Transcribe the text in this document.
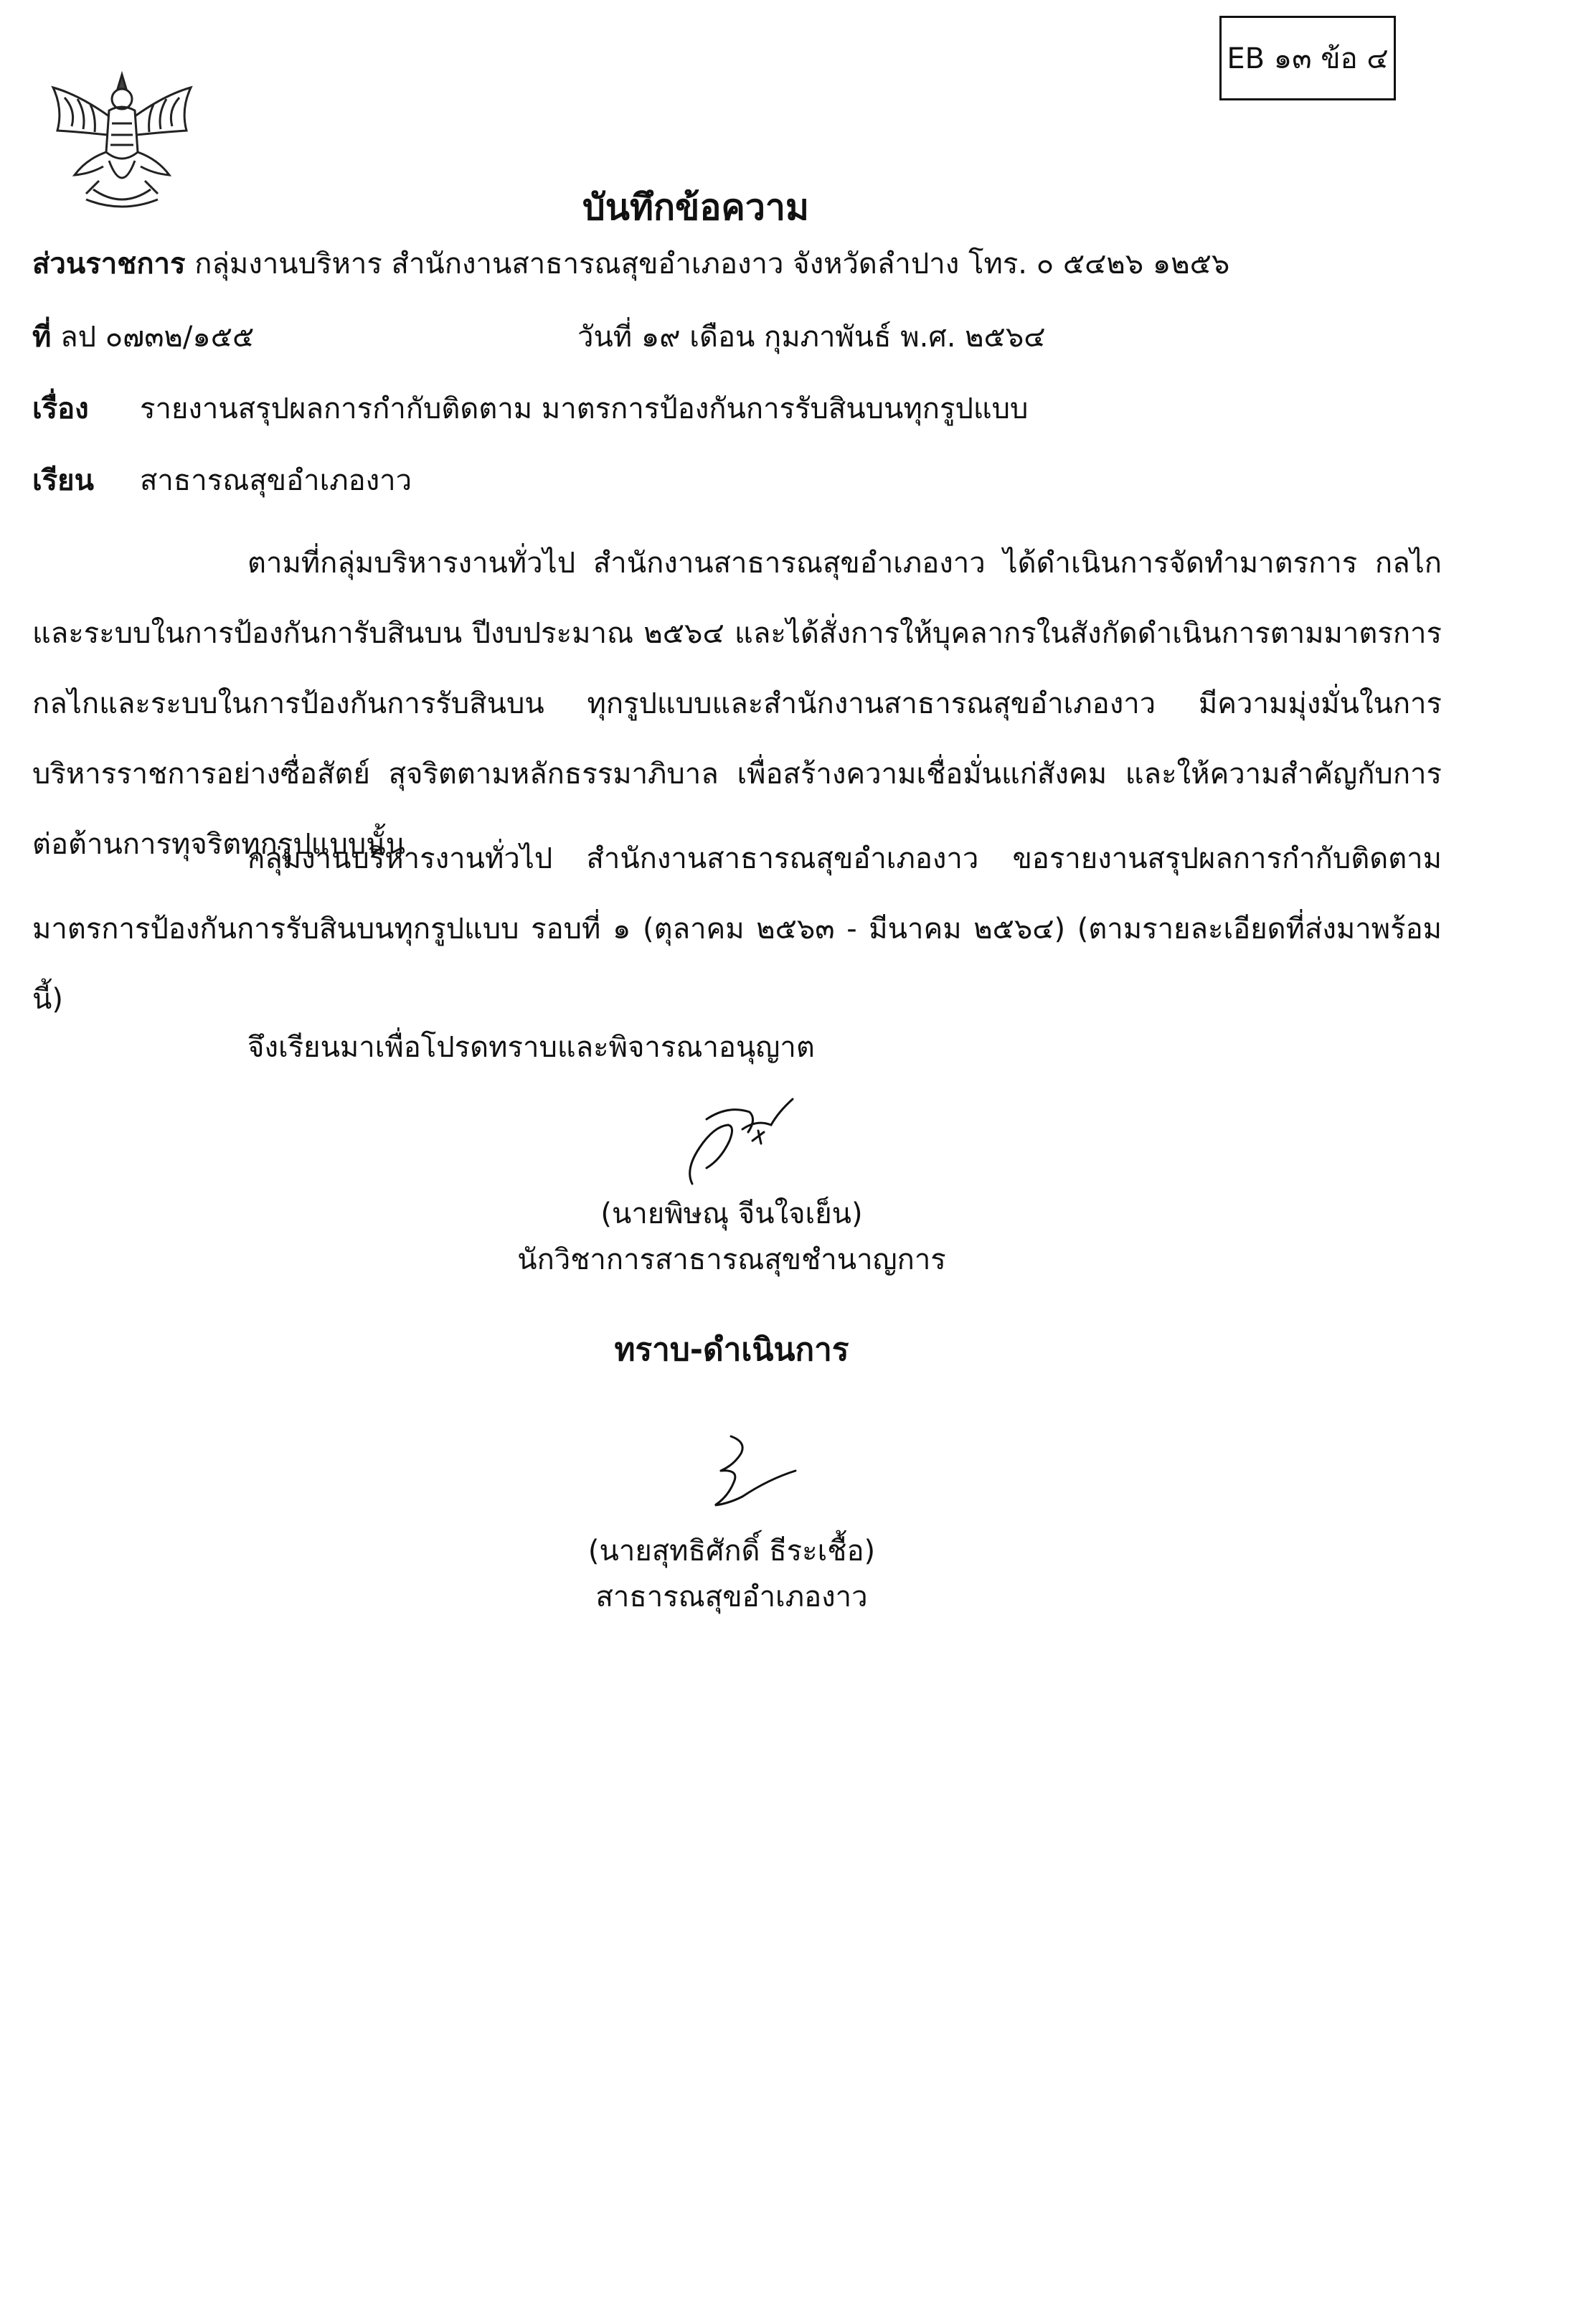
EB ๑๓ ข้อ ๔
บันทึกข้อความ
ส่วนราชการ กลุ่มงานบริหาร สำนักงานสาธารณสุขอำเภองาว จังหวัดลำปาง โทร. ๐ ๕๔๒๖ ๑๒๕๖
ที่ ลป ๐๗๓๒/๑๕๕	วันที่ ๑๙ เดือน กุมภาพันธ์ พ.ศ. ๒๕๖๔
เรื่อง รายงานสรุปผลการกำกับติดตาม มาตรการป้องกันการรับสินบนทุกรูปแบบ
เรียน สาธารณสุขอำเภองาว
ตามที่กลุ่มบริหารงานทั่วไป สำนักงานสาธารณสุขอำเภองาว ได้ดำเนินการจัดทำมาตรการ กลไกและระบบในการป้องกันการับสินบน ปีงบประมาณ ๒๕๖๔ และได้สั่งการให้บุคลากรในสังกัดดำเนินการตามมาตรการ กลไกและระบบในการป้องกันการรับสินบน ทุกรูปแบบและสำนักงานสาธารณสุขอำเภองาว มีความมุ่งมั่นในการบริหารราชการอย่างซื่อสัตย์ สุจริตตามหลักธรรมาภิบาล เพื่อสร้างความเชื่อมั่นแก่สังคม และให้ความสำคัญกับการต่อต้านการทุจริตทุกรูปแบบนั้น
กลุ่มงานบริหารงานทั่วไป สำนักงานสาธารณสุขอำเภองาว ขอรายงานสรุปผลการกำกับติดตามมาตรการป้องกันการรับสินบนทุกรูปแบบ รอบที่ ๑ (ตุลาคม ๒๕๖๓ - มีนาคม ๒๕๖๔) (ตามรายละเอียดที่ส่งมาพร้อมนี้)
จึงเรียนมาเพื่อโปรดทราบและพิจารณาอนุญาต
(นายพิษณุ จีนใจเย็น)
นักวิชาการสาธารณสุขชำนาญการ
ทราบ-ดำเนินการ
(นายสุทธิศักดิ์ ธีระเชื้อ)
สาธารณสุขอำเภองาว
